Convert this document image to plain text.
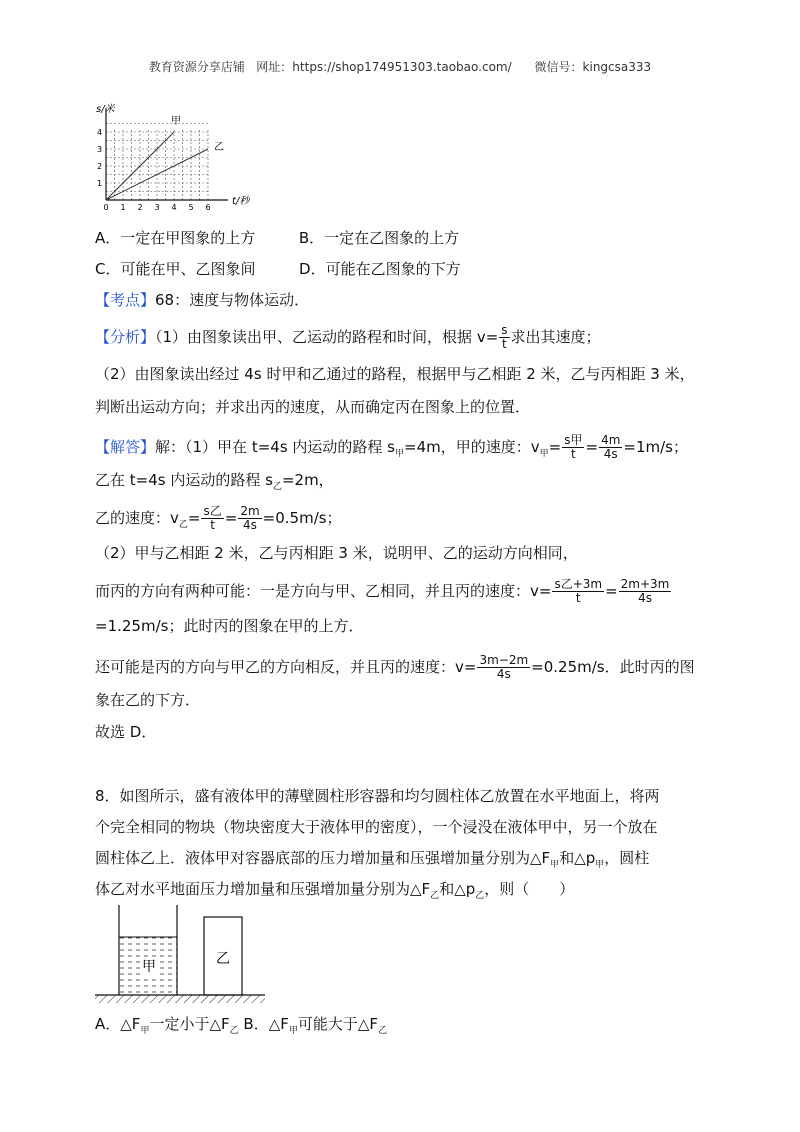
教育资源分享店铺 网址：https://shop174951303.taobao.com/ 微信号：kingcsa333
s/米
t/秒
甲
乙
0 1 2 3 4 5 6
1
2
3
4
A．一定在甲图象的上方	B．一定在乙图象的上方
C．可能在甲、乙图象间	D．可能在乙图象的下方
【考点】68：速度与物体运动．
【分析】（1）由图象读出甲、乙运动的路程和时间，根据 $v= \frac{s}{t}$ 求出其速度；
（2）由图象读出经过 4s 时甲和乙通过的路程，根据甲与乙相距 2 米，乙与丙相距 3 米，
判断出运动方向；并求出丙的速度，从而确定丙在图象上的位置．
【解答】解：（1）甲在 t=4s 内运动的路程 $s_甲=4m$，甲的速度：$v_甲= \frac{\text{s甲}}{t} = \frac{4m}{4s} =1m/s$；
乙在 t=4s 内运动的路程 $s_乙=2m$，
乙的速度：$v_乙= \frac{\text{s乙}}{t} = \frac{2m}{4s} =0.5m/s$；
（2）甲与乙相距 2 米，乙与丙相距 3 米，说明甲、乙的运动方向相同，
而丙的方向有两种可能：一是方向与甲、乙相同，并且丙的速度：$v= \frac{\text{s乙+3m}}{t} = \frac{2m+3m}{4s}$
=1.25m/s；此时丙的图象在甲的上方．
还可能是丙的方向与甲乙的方向相反，并且丙的速度：$v= \frac{3m-2m}{4s} =0.25m/s$．此时丙的图
象在乙的下方．
故选 D．
8．如图所示，盛有液体甲的薄壁圆柱形容器和均匀圆柱体乙放置在水平地面上，将两
个完全相同的物块（物块密度大于液体甲的密度），一个浸没在液体甲中，另一个放在
圆柱体乙上．液体甲对容器底部的压力增加量和压强增加量分别为$\triangle F_甲$和$\triangle p_甲$，圆柱
体乙对水平地面压力增加量和压强增加量分别为$\triangle F_乙$和$\triangle p_乙$，则（　　）
A．$\triangle F_甲$一定小于$\triangle F_乙$ B．$\triangle F_甲$可能大于$\triangle F_乙$
甲	乙
